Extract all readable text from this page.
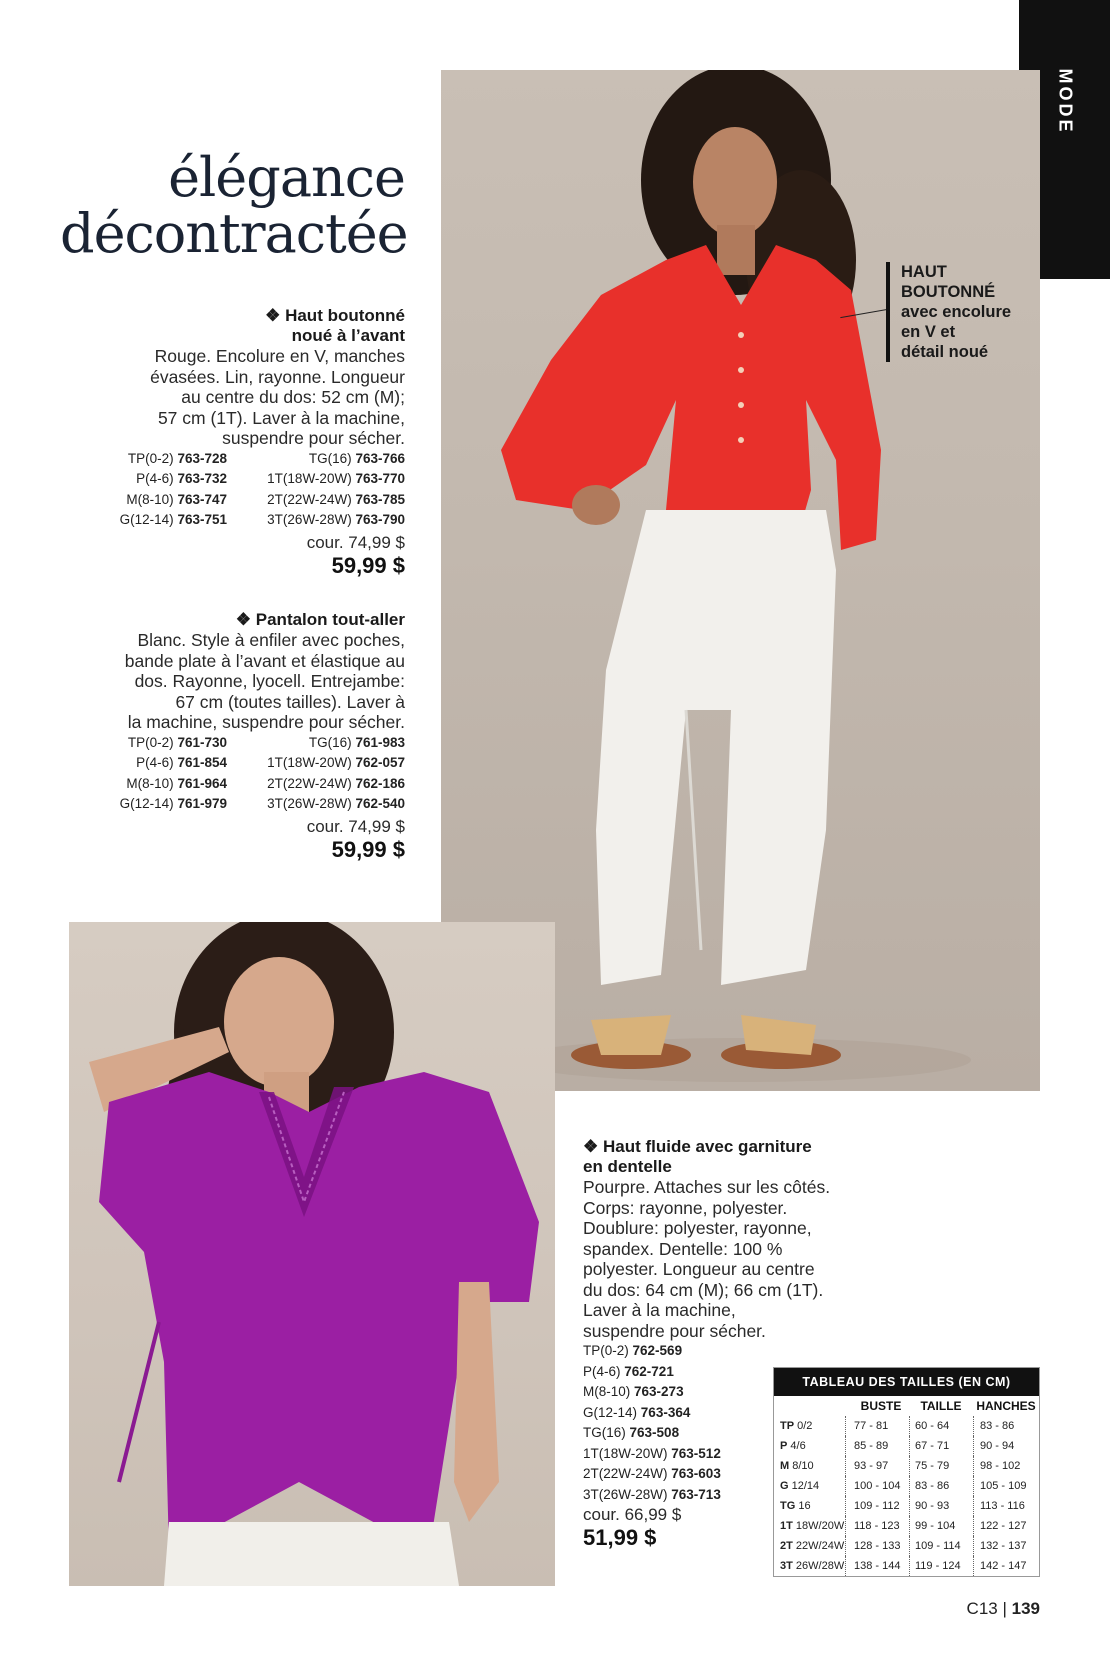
MODE
élégance
décontractée
❖ Haut boutonné
noué à l’avant
Rouge. Encolure en V, manches
évasées. Lin, rayonne. Longueur
au centre du dos: 52 cm (M);
57 cm (1T). Laver à la machine,
suspendre pour sécher.
TP(0-2) 763-728
P(4-6) 763-732
M(8-10) 763-747
G(12-14) 763-751
TG(16) 763-766
1T(18W-20W) 763-770
2T(22W-24W) 763-785
3T(26W-28W) 763-790
cour. 74,99 $
59,99 $
❖ Pantalon tout-aller
Blanc. Style à enfiler avec poches,
bande plate à l’avant et élastique au
dos. Rayonne, lyocell. Entrejambe:
67 cm (toutes tailles). Laver à
la machine, suspendre pour sécher.
TP(0-2) 761-730
P(4-6) 761-854
M(8-10) 761-964
G(12-14) 761-979
TG(16) 761-983
1T(18W-20W) 762-057
2T(22W-24W) 762-186
3T(26W-28W) 762-540
cour. 74,99 $
59,99 $
HAUT
BOUTONNÉ
avec encolure
en V et
détail noué
❖ Haut fluide avec garniture
en dentelle
Pourpre. Attaches sur les côtés.
Corps: rayonne, polyester.
Doublure: polyester, rayonne,
spandex. Dentelle: 100 %
polyester. Longueur au centre
du dos: 64 cm (M); 66 cm (1T).
Laver à la machine,
suspendre pour sécher.
TP(0-2) 762-569
P(4-6) 762-721
M(8-10) 763-273
G(12-14) 763-364
TG(16) 763-508
1T(18W-20W) 763-512
2T(22W-24W) 763-603
3T(26W-28W) 763-713
cour. 66,99 $
51,99 $
TABLEAU DES TAILLES (EN CM)
BUSTE	TAILLE	HANCHES
TP 0/2	77 - 81	60 - 64	83 - 86
P 4/6	85 - 89	67 - 71	90 - 94
M 8/10	93 - 97	75 - 79	98 - 102
G 12/14	100 - 104	83 - 86	105 - 109
TG 16	109 - 112	90 - 93	113 - 116
1T 18W/20W 118 - 123	99 - 104	122 - 127
2T 22W/24W 128 - 133	109 - 114	132 - 137
3T 26W/28W 138 - 144	119 - 124	142 - 147
C13 | 139
